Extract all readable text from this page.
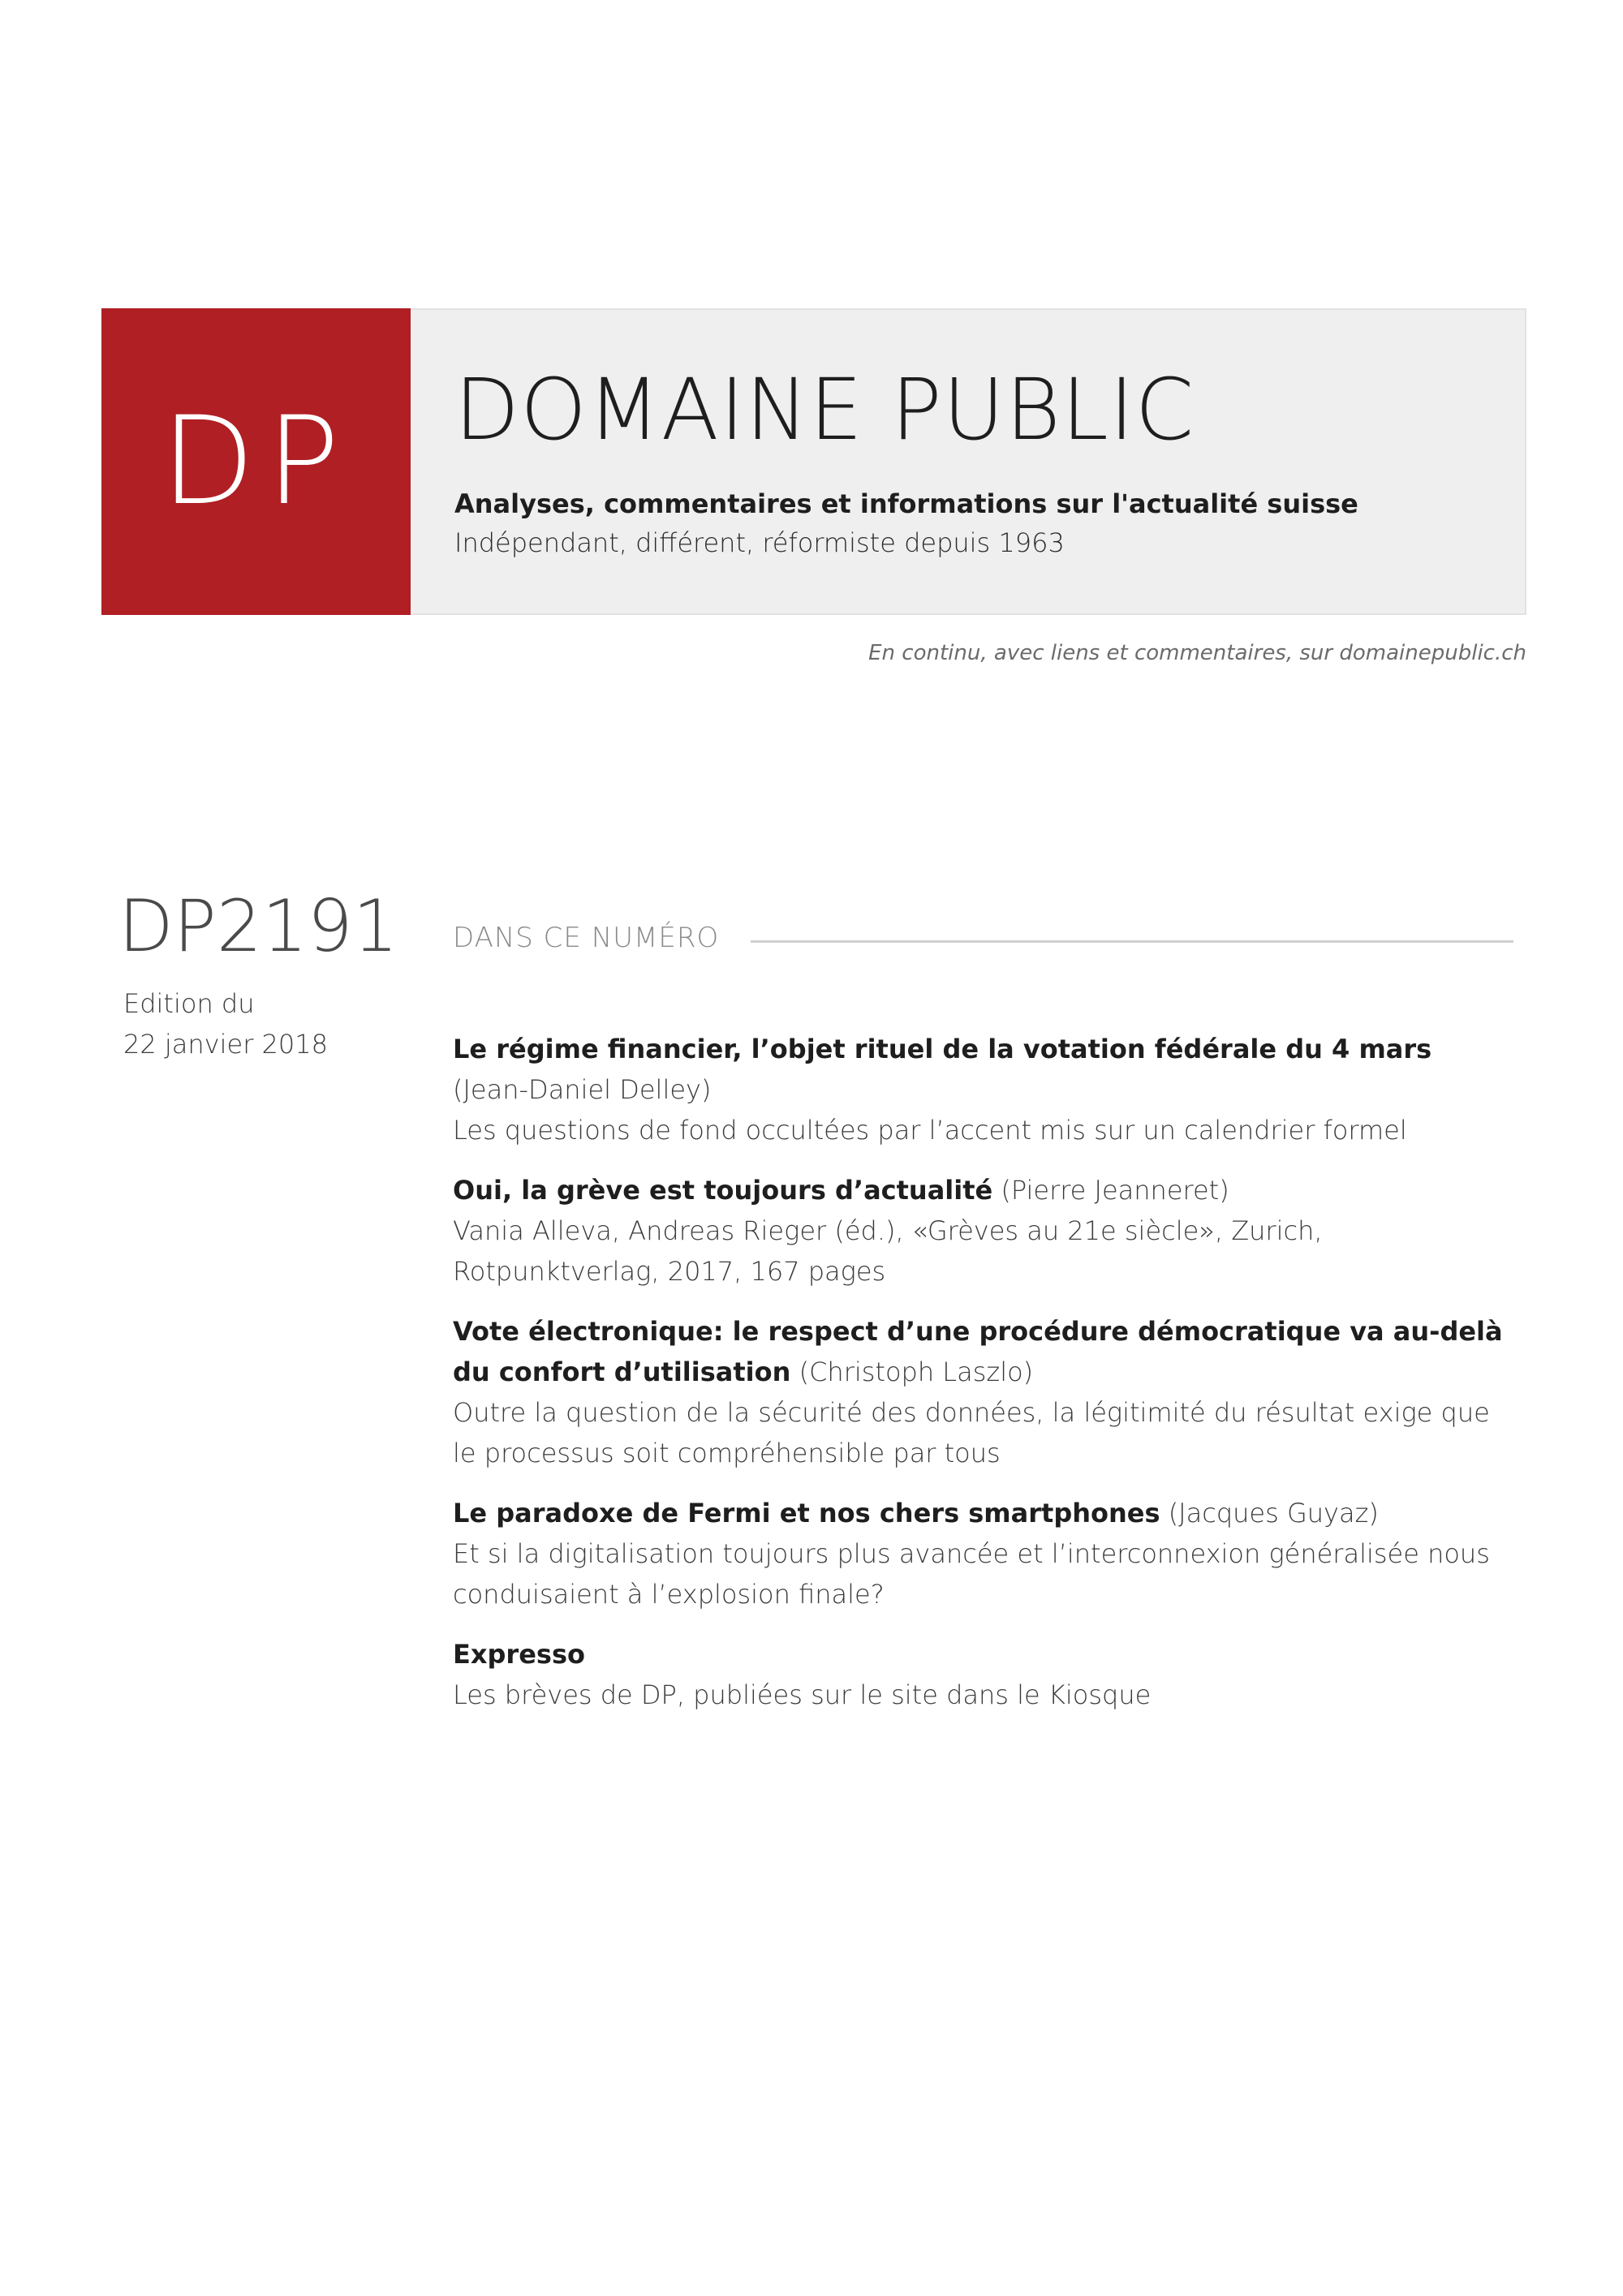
DP	DOMAINE PUBLIC
Analyses, commentaires et informations sur l'actualité suisse
Indépendant, différent, réformiste depuis 1963
En continu, avec liens et commentaires, sur domainepublic.ch
DP2191
Edition du
22 janvier 2018
DANS CE NUMÉRO
Le régime financier, l’objet rituel de la votation fédérale du 4 mars (Jean-Daniel Delley)
Les questions de fond occultées par l’accent mis sur un calendrier formel
Oui, la grève est toujours d’actualité (Pierre Jeanneret)
Vania Alleva, Andreas Rieger (éd.), «Grèves au 21e siècle», Zurich, Rotpunktverlag, 2017, 167 pages
Vote électronique: le respect d’une procédure démocratique va au-delà du confort d’utilisation (Christoph Laszlo)
Outre la question de la sécurité des données, la légitimité du résultat exige que le processus soit compréhensible par tous
Le paradoxe de Fermi et nos chers smartphones (Jacques Guyaz)
Et si la digitalisation toujours plus avancée et l’interconnexion généralisée nous conduisaient à l’explosion finale?
Expresso
Les brèves de DP, publiées sur le site dans le Kiosque
